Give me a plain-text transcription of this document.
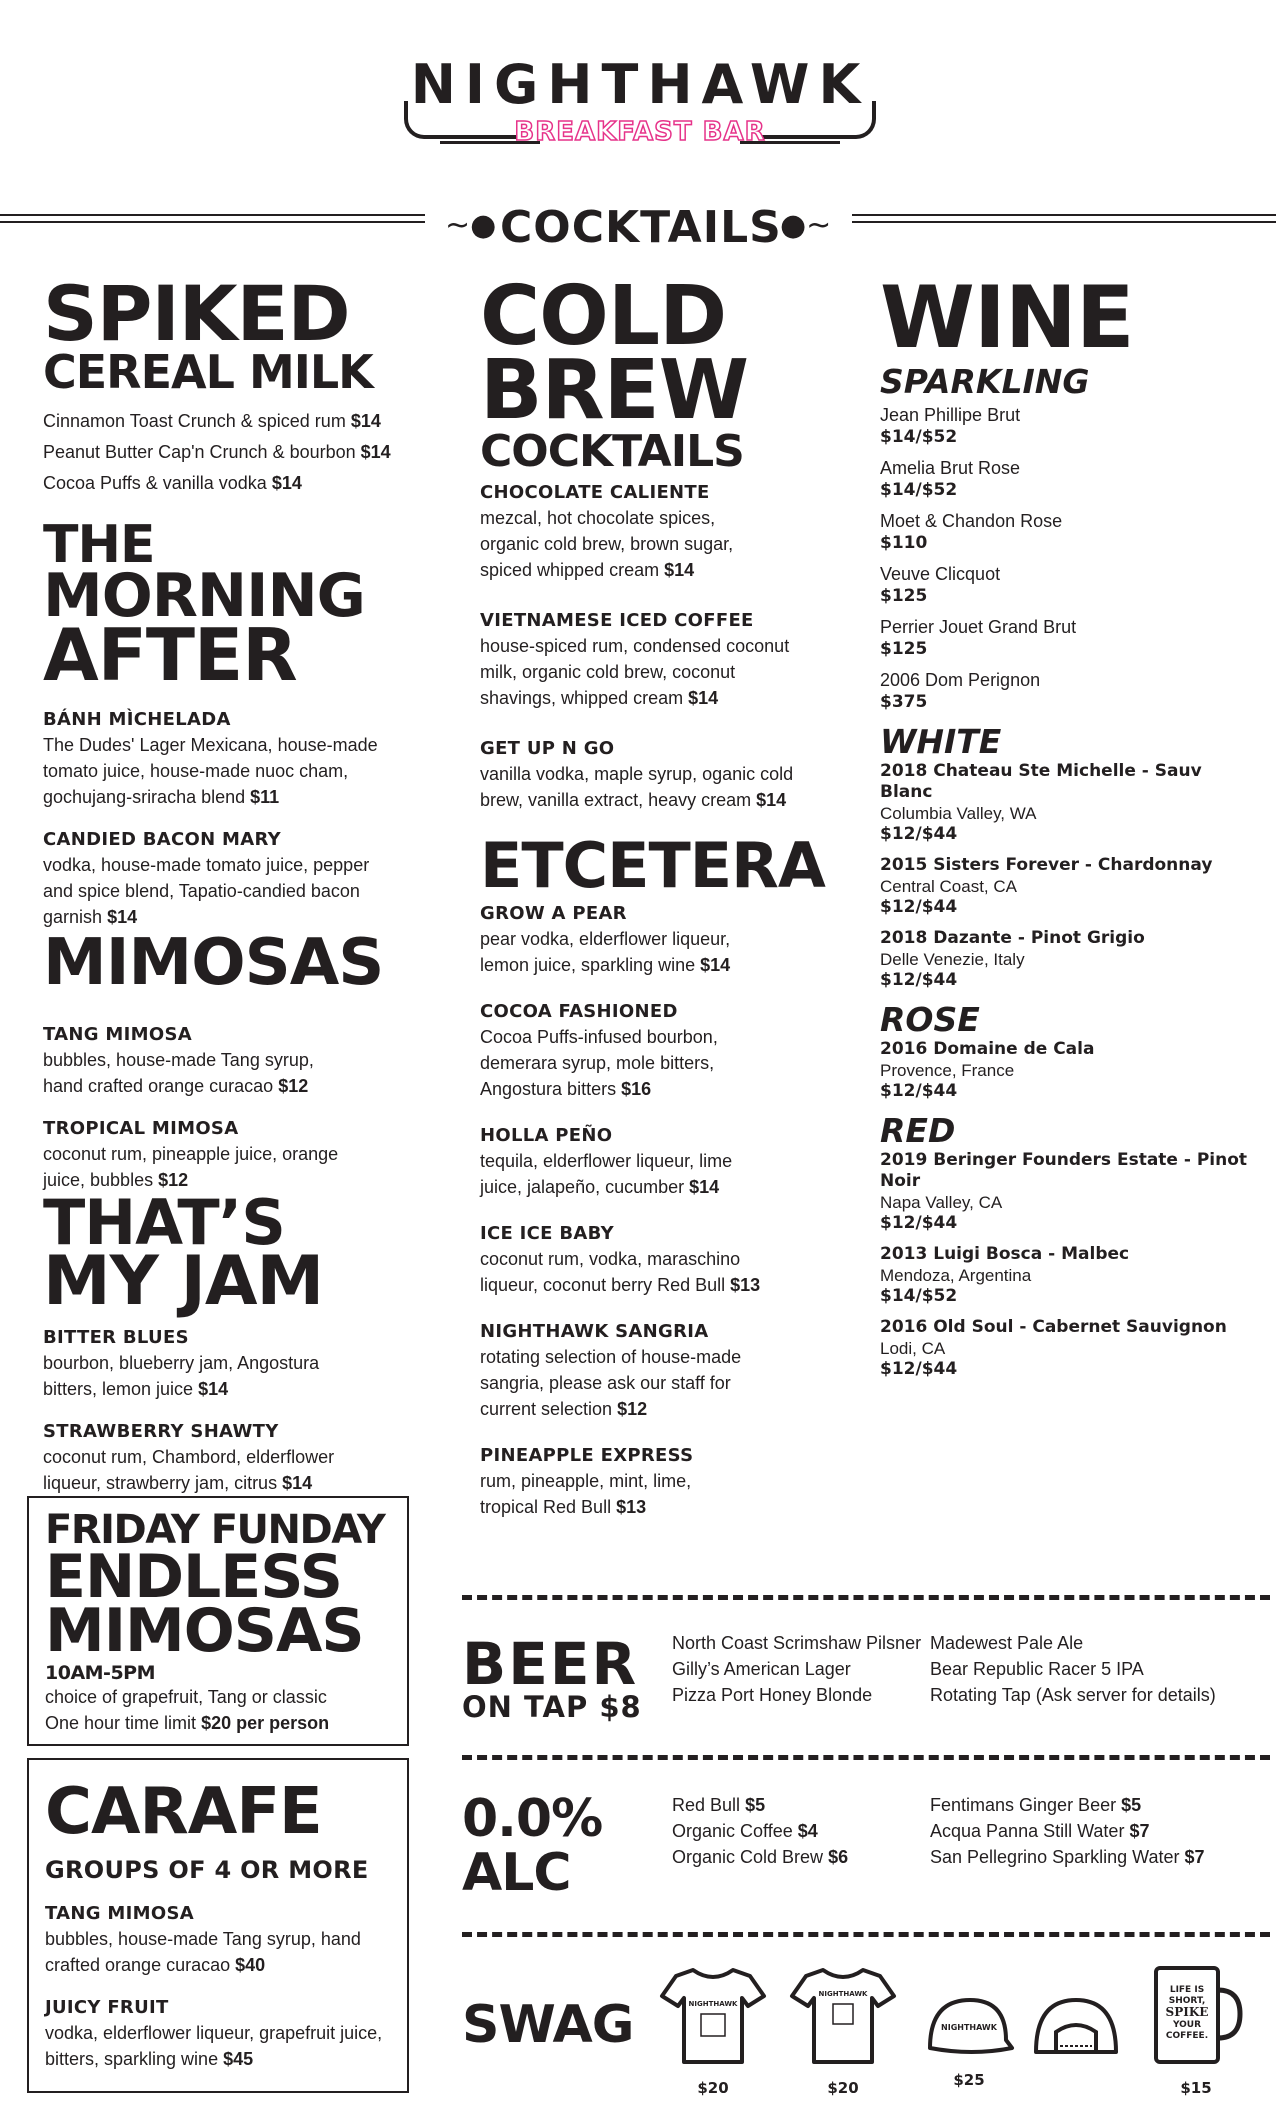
NIGHTHAWK
BREAKFAST BAR
~●	●~
COCKTAILS
SPIKED
CEREAL MILK
Cinnamon Toast Crunch & spiced rum $14
Peanut Butter Cap'n Crunch & bourbon $14
Cocoa Puffs & vanilla vodka $14
THE
MORNING
AFTER
BÁNH MÌCHELADA
The Dudes' Lager Mexicana, house-made tomato juice, house-made nuoc cham, gochujang-sriracha blend $11
CANDIED BACON MARY
vodka, house-made tomato juice, pepper and spice blend, Tapatio-candied bacon garnish $14
MIMOSAS
TANG MIMOSA
bubbles, house-made Tang syrup, hand crafted orange curacao $12
TROPICAL MIMOSA
coconut rum, pineapple juice, orange juice, bubbles $12
THAT’S
MY JAM
BITTER BLUES
bourbon, blueberry jam, Angostura bitters, lemon juice $14
STRAWBERRY SHAWTY
coconut rum, Chambord, elderflower liqueur, strawberry jam, citrus $14
FRIDAY FUNDAY
ENDLESS
MIMOSAS
10AM-5PM
choice of grapefruit, Tang or classic
One hour time limit $20 per person
CARAFE
GROUPS OF 4 OR MORE
TANG MIMOSA
bubbles, house-made Tang syrup, hand crafted orange curacao $40
JUICY FRUIT
vodka, elderflower liqueur, grapefruit juice, bitters, sparkling wine $45
COLD
BREW
COCKTAILS
CHOCOLATE CALIENTE
mezcal, hot chocolate spices, organic cold brew, brown sugar, spiced whipped cream $14
VIETNAMESE ICED COFFEE
house-spiced rum, condensed coconut milk, organic cold brew, coconut shavings, whipped cream $14
GET UP N GO
vanilla vodka, maple syrup, oganic cold brew, vanilla extract, heavy cream $14
ETCETERA
GROW A PEAR
pear vodka, elderflower liqueur, lemon juice, sparkling wine $14
COCOA FASHIONED
Cocoa Puffs-infused bourbon, demerara syrup, mole bitters, Angostura bitters $16
HOLLA PEÑO
tequila, elderflower liqueur, lime juice, jalapeño, cucumber $14
ICE ICE BABY
coconut rum, vodka, maraschino liqueur, coconut berry Red Bull $13
NIGHTHAWK SANGRIA
rotating selection of house-made sangria, please ask our staff for current selection $12
PINEAPPLE EXPRESS
rum, pineapple, mint, lime, tropical Red Bull $13
WINE
SPARKLING
Jean Phillipe Brut
$14/$52
Amelia Brut Rose
$14/$52
Moet & Chandon Rose
$110
Veuve Clicquot
$125
Perrier Jouet Grand Brut
$125
2006 Dom Perignon
$375
WHITE
2018 Chateau Ste Michelle - Sauv Blanc
Columbia Valley, WA
$12/$44
2015 Sisters Forever - Chardonnay
Central Coast, CA
$12/$44
2018 Dazante - Pinot Grigio
Delle Venezie, Italy
$12/$44
ROSE
2016 Domaine de Cala
Provence, France
$12/$44
RED
2019 Beringer Founders Estate - Pinot Noir
Napa Valley, CA
$12/$44
2013 Luigi Bosca - Malbec
Mendoza, Argentina
$14/$52
2016 Old Soul - Cabernet Sauvignon
Lodi, CA
$12/$44
BEER
ON TAP $8
North Coast Scrimshaw Pilsner
Gilly’s American Lager
Pizza Port Honey Blonde
Madewest Pale Ale
Bear Republic Racer 5 IPA
Rotating Tap (Ask server for details)
0.0%
ALC
Red Bull $5
Organic Coffee $4
Organic Cold Brew $6
Fentimans Ginger Beer $5
Acqua Panna Still Water $7
San Pellegrino Sparkling Water $7
SWAG	NIGHTHAWK
$20
NIGHTHAWK
$20
NIGHTHAWK
$25
LIFE IS
SHORT,
SPIKE
YOUR
COFFEE.
$15
